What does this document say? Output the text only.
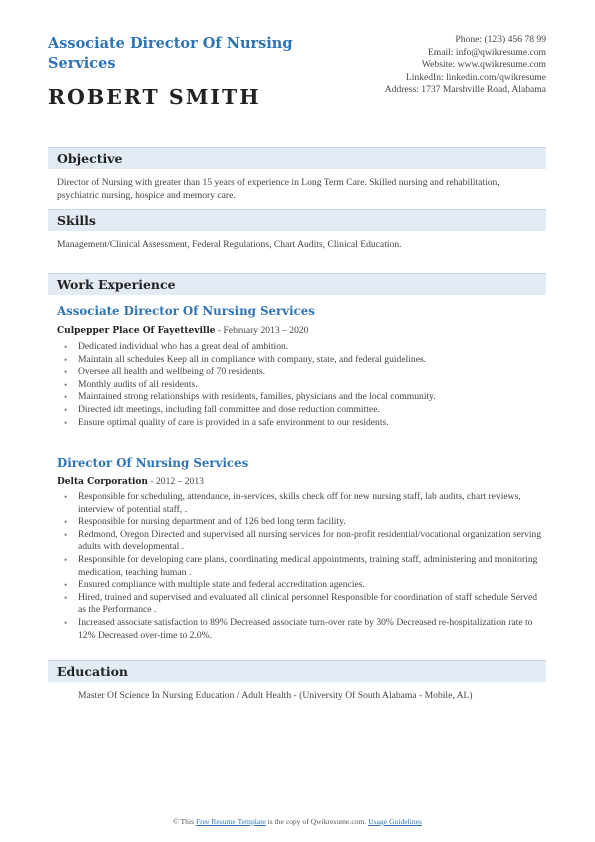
Associate Director Of Nursing Services
ROBERT SMITH
Phone: (123) 456 78 99
Email: info@qwikresume.com
Website: www.qwikresume.com
LinkedIn: linkedin.com/qwikresume
Address: 1737 Marshville Road, Alabama
Objective
Director of Nursing with greater than 15 years of experience in Long Term Care. Skilled nursing and rehabilitation, psychiatric nursing, hospice and memory care.
Skills
Management/Clinical Assessment, Federal Regulations, Chart Audits, Clinical Education.
Work Experience
Associate Director Of Nursing Services
Culpepper Place Of Fayetteville - February 2013 – 2020
• Dedicated individual who has a great deal of ambition.
• Maintain all schedules Keep all in compliance with company, state, and federal guidelines.
• Oversee all health and wellbeing of 70 residents.
• Monthly audits of all residents.
• Maintained strong relationships with residents, families, physicians and the local community.
• Directed idt meetings, including fall committee and dose reduction committee.
• Ensure optimal quality of care is provided in a safe environment to our residents.
Director Of Nursing Services
Delta Corporation - 2012 – 2013
• Responsible for scheduling, attendance, in-services, skills check off for new nursing staff, lab audits, chart reviews, interview of potential staff, .
• Responsible for nursing department and of 126 bed long term facility.
• Redmond, Oregon Directed and supervised all nursing services for non-profit residential/vocational organization serving adults with developmental .
• Responsible for developing care plans, coordinating medical appointments, training staff, administering and monitoring medication, teaching human .
• Ensured compliance with multiple state and federal accreditation agencies.
• Hired, trained and supervised and evaluated all clinical personnel Responsible for coordination of staff schedule Served as the Performance .
• Increased associate satisfaction to 89% Decreased associate turn-over rate by 30% Decreased re-hospitalization rate to 12% Decreased over-time to 2.0%.
Education
Master Of Science In Nursing Education / Adult Health - (University Of South Alabama - Mobile, AL)
© This Free Resume Template is the copy of Qwikresume.com. Usage Guidelines
